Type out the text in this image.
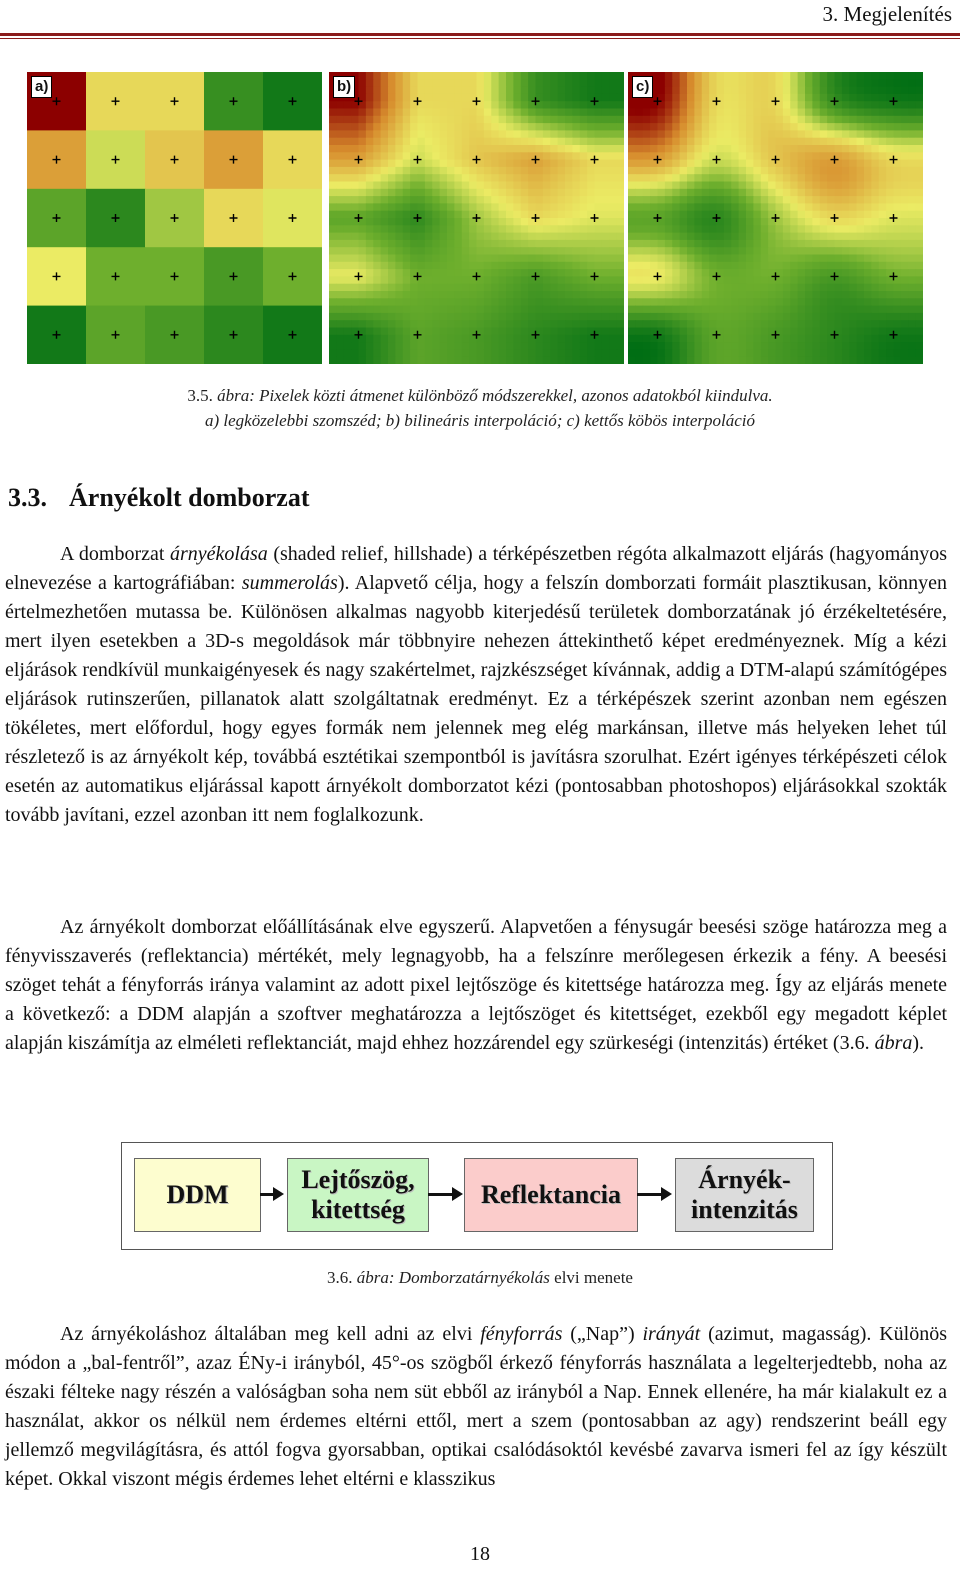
3. Megjelenítés
a)	b)	c)
3.5. ábra: Pixelek közti átmenet különböző módszerekkel, azonos adatokból kiindulva.
a) legközelebbi szomszéd; b) bilineáris interpoláció; c) kettős köbös interpoláció
3.3. Árnyékolt domborzat

A domborzat árnyékolása (shaded relief, hillshade) a térképészetben régóta alkalmazott eljárás (hagyományos elnevezése a kartográfiában: summerolás). Alapvető célja, hogy a felszín domborzati formáit plasztikusan, könnyen értelmezhetően mutassa be. Különösen alkalmas nagyobb kiterjedésű területek domborzatának jó érzékeltetésére, mert ilyen esetekben a 3D-s megoldások már többnyire nehezen áttekinthető képet eredményeznek. Míg a kézi eljárások rendkívül munkaigényesek és nagy szakértelmet, rajzkészséget kívánnak, addig a DTM-alapú számítógépes eljárások rutinszerűen, pillanatok alatt szolgáltatnak eredményt. Ez a térképészek szerint azonban nem egészen tökéletes, mert előfordul, hogy egyes formák nem jelennek meg elég markánsan, illetve más helyeken lehet túl részletező is az árnyékolt kép, továbbá esztétikai szempontból is javításra szorulhat. Ezért igényes térképészeti célok esetén az automatikus eljárással kapott árnyékolt domborzatot kézi (pontosabban photoshopos) eljárásokkal szokták tovább javítani, ezzel azonban itt nem foglalkozunk.

Az árnyékolt domborzat előállításának elve egyszerű. Alapvetően a fénysugár beesési szöge határozza meg a fényvisszaverés (reflektancia) mértékét, mely legnagyobb, ha a felszínre merőlegesen érkezik a fény. A beesési szöget tehát a fényforrás iránya valamint az adott pixel lejtőszöge és kitettsége határozza meg. Így az eljárás menete a következő: a DDM alapján a szoftver meghatározza a lejtőszöget és kitettséget, ezekből egy megadott képlet alapján kiszámítja az elméleti reflektanciát, majd ehhez hozzárendel egy szürkeségi (intenzitás) értéket (3.6. ábra).

DDM
Lejtőszög,
kitettség
Reflektancia
Árnyék-
intenzitás
3.6. ábra: Domborzatárnyékolás elvi menete

Az árnyékoláshoz általában meg kell adni az elvi fényforrás („Nap”) irányát (azimut, magasság). Különös módon a „bal-fentről”, azaz ÉNy-i irányból, 45°-os szögből érkező fényforrás használata a legelterjedtebb, noha az északi félteke nagy részén a valóságban soha nem süt ebből az irányból a Nap. Ennek ellenére, ha már kialakult ez a használat, akkor os nélkül nem érdemes eltérni ettől, mert a szem (pontosabban az agy) rendszerint beáll egy jellemző megvilágításra, és attól fogva gyorsabban, optikai csalódásoktól kevésbé zavarva ismeri fel az így készült képet. Okkal viszont mégis érdemes lehet eltérni e klasszikus

18
